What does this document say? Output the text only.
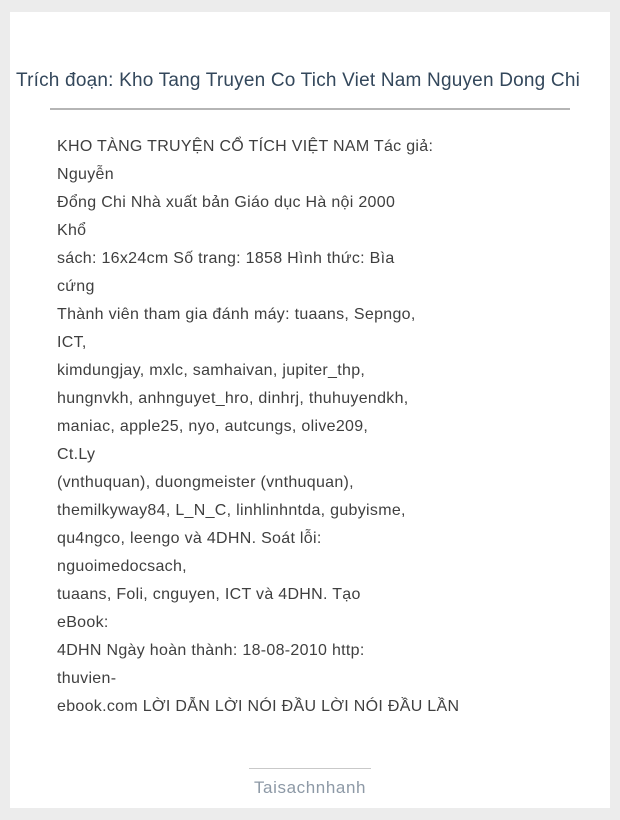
Trích đoạn: Kho Tang Truyen Co Tich Viet Nam Nguyen Dong Chi
KHO TÀNG TRUYỆN CỔ TÍCH VIỆT NAM Tác giả:
Nguyễn
Đổng Chi Nhà xuất bản Giáo dục Hà nội 2000
Khổ
sách: 16x24cm Số trang: 1858 Hình thức: Bìa
cứng
Thành viên tham gia đánh máy: tuaans, Sepngo,
ICT,
kimdungjay, mxlc, samhaivan, jupiter_thp,
hungnvkh, anhnguyet_hro, dinhrj, thuhuyendkh,
maniac, apple25, nyo, autcungs, olive209,
Ct.Ly
(vnthuquan), duongmeister (vnthuquan),
themilkyway84, L_N_C, linhlinhntda, gubyisme,
qu4ngco, leengo và 4DHN. Soát lỗi:
nguoimedocsach,
tuaans, Foli, cnguyen, ICT và 4DHN. Tạo
eBook:
4DHN Ngày hoàn thành: 18-08-2010 http:
thuvien-
ebook.com LỜI DẪN LỜI NÓI ĐẦU LỜI NÓI ĐẦU LẦN
Taisachnhanh
